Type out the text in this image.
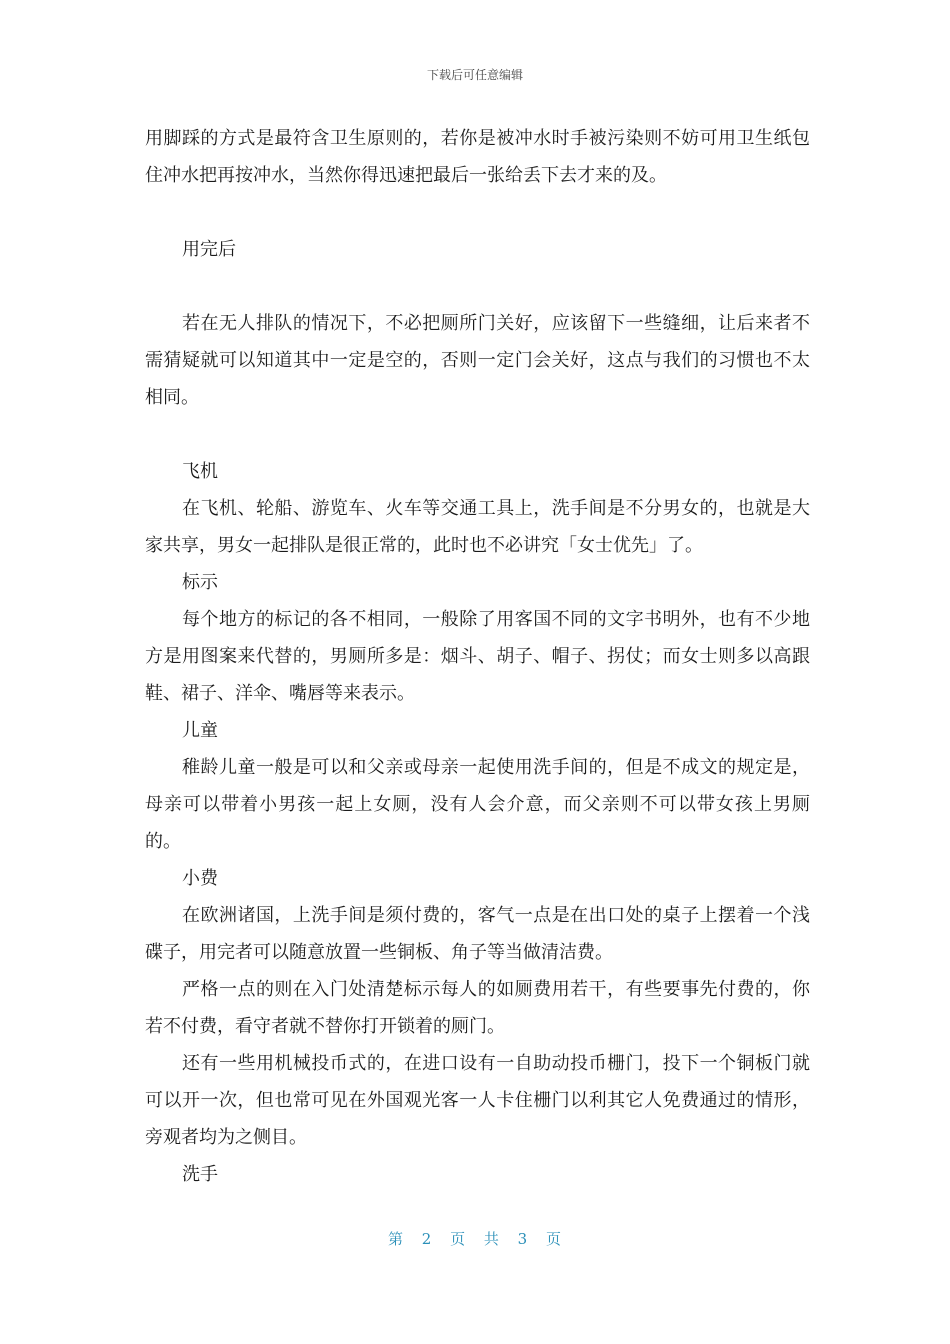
下载后可任意编辑

用脚踩的方式是最符含卫生原则的，若你是被冲水时手被污染则不妨可用卫生纸包住冲水把再按冲水，当然你得迅速把最后一张给丢下去才来的及。

用完后

若在无人排队的情况下，不必把厕所门关好，应该留下一些缝细，让后来者不需猜疑就可以知道其中一定是空的，否则一定门会关好，这点与我们的习惯也不太相同。

飞机

在飞机、轮船、游览车、火车等交通工具上，洗手间是不分男女的，也就是大家共享，男女一起排队是很正常的，此时也不必讲究「女士优先」了。

标示

每个地方的标记的各不相同，一般除了用客国不同的文字书明外，也有不少地方是用图案来代替的，男厕所多是：烟斗、胡子、帽子、拐仗；而女士则多以高跟鞋、裙子、洋伞、嘴唇等来表示。

儿童

稚龄儿童一般是可以和父亲或母亲一起使用洗手间的，但是不成文的规定是，母亲可以带着小男孩一起上女厕，没有人会介意，而父亲则不可以带女孩上男厕的。

小费

在欧洲诸国，上洗手间是须付费的，客气一点是在出口处的桌子上摆着一个浅碟子，用完者可以随意放置一些铜板、角子等当做清洁费。

严格一点的则在入门处清楚标示每人的如厕费用若干，有些要事先付费的，你若不付费，看守者就不替你打开锁着的厕门。

还有一些用机械投币式的，在进口设有一自助动投币栅门，投下一个铜板门就可以开一次，但也常可见在外国观光客一人卡住栅门以利其它人免费通过的情形，旁观者均为之侧目。

洗手

第 2 页 共 3 页
